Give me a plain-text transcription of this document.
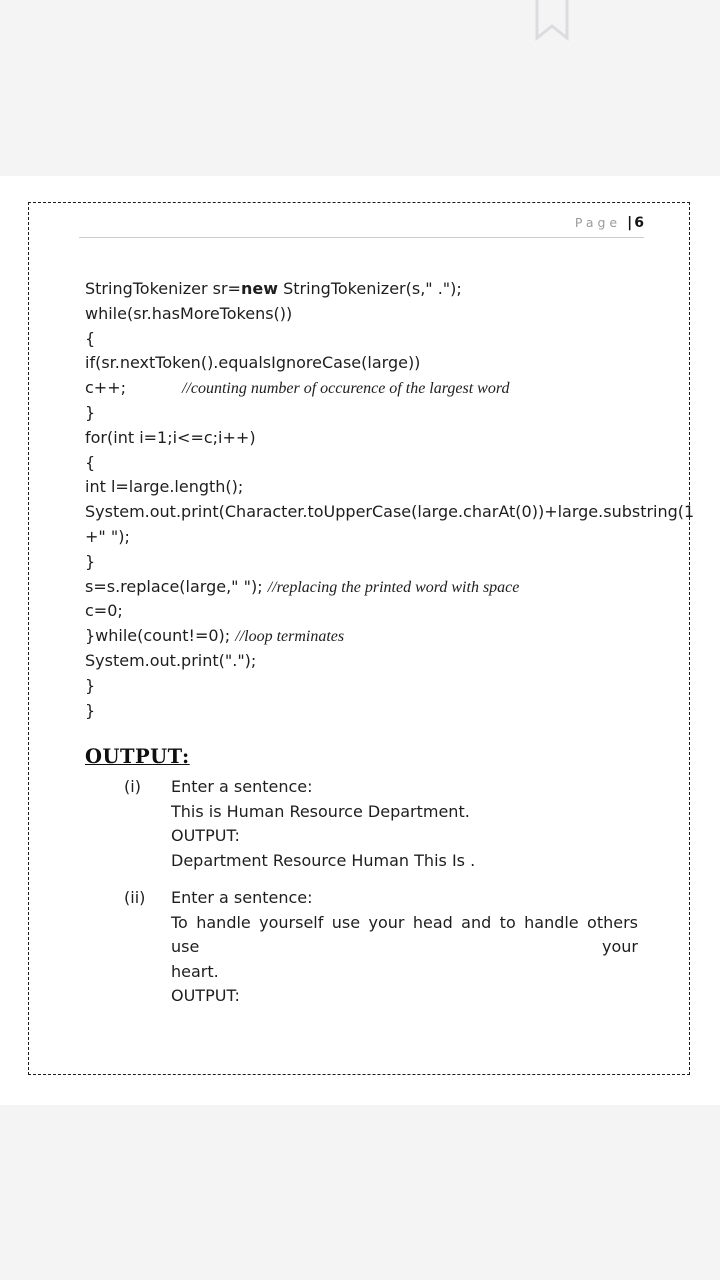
Page | 6
StringTokenizer sr=new StringTokenizer(s," .");
while(sr.hasMoreTokens())
{
if(sr.nextToken().equalsIgnoreCase(large))
c++;           //counting number of occurence of the largest word
}
for(int i=1;i<=c;i++)
{
int l=large.length();
System.out.print(Character.toUpperCase(large.charAt(0))+large.substring(1
+" ");
}
s=s.replace(large," "); //replacing the printed word with space
c=0;
}while(count!=0); //loop terminates
System.out.print(".");
}
}
OUTPUT:
(i)	Enter a sentence:
This is Human Resource Department.
OUTPUT:
Department Resource Human This Is .
(ii)	Enter a sentence:
To handle yourself use your head and to handle others use your
heart.
OUTPUT:
